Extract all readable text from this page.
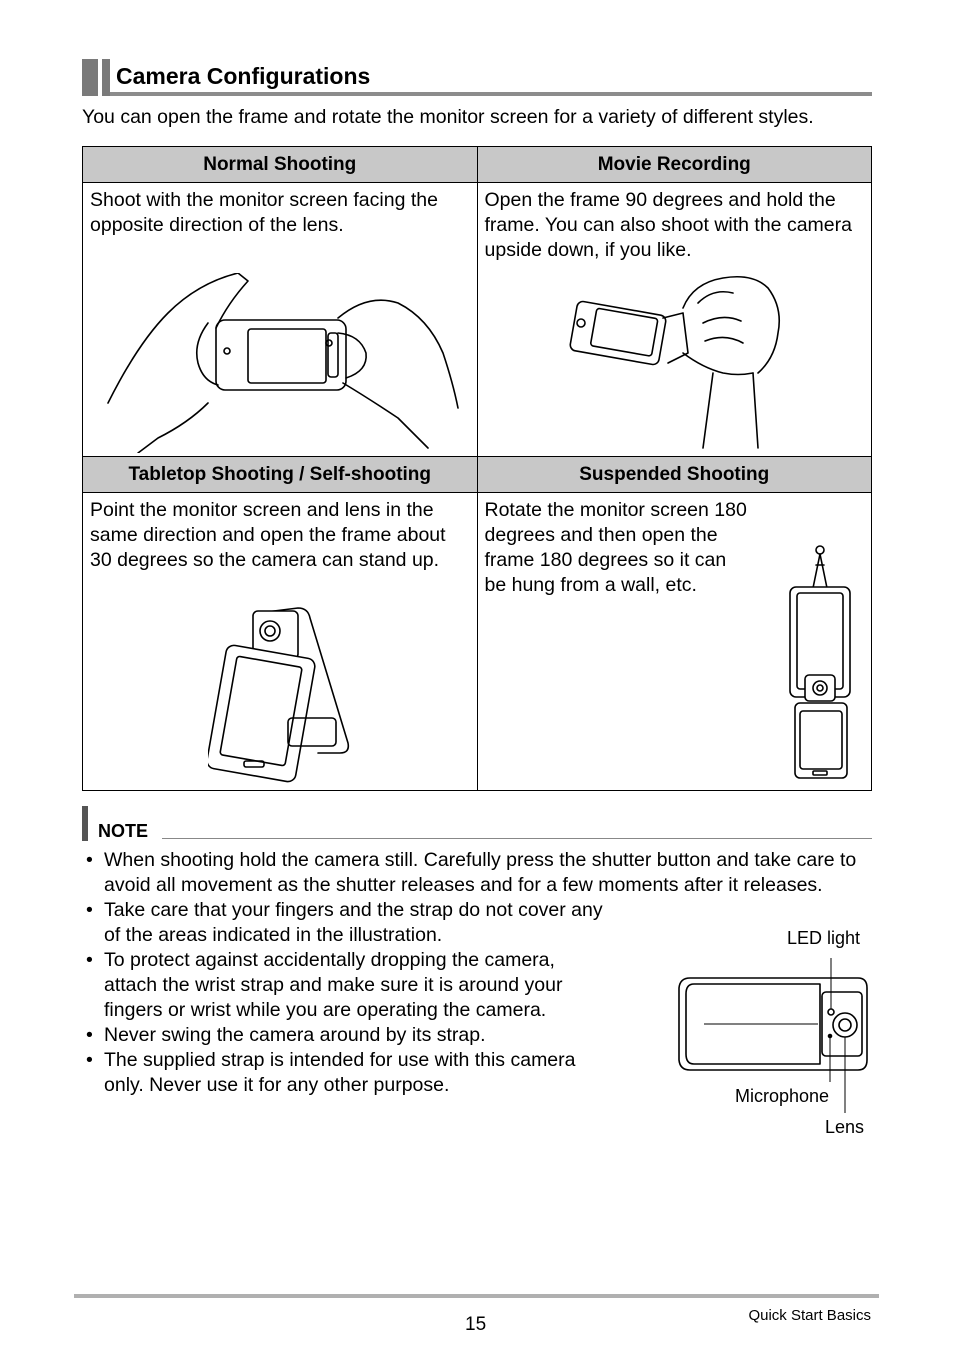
Camera Configurations
You can open the frame and rotate the monitor screen for a variety of different styles.
Normal Shooting	Movie Recording

Shoot with the monitor screen facing the opposite direction of the lens.	Open the frame 90 degrees and hold the frame. You can also shoot with the camera upside down, if you like.

Tabletop Shooting / Self-shooting	Suspended Shooting

Point the monitor screen and lens in the same direction and open the frame about 30 degrees so the camera can stand up.	Rotate the monitor screen 180 degrees and then open the frame 180 degrees so it can be hung from a wall, etc.
NOTE
• When shooting hold the camera still. Carefully press the shutter button and take care to avoid all movement as the shutter releases and for a few moments after it releases.
• Take care that your fingers and the strap do not cover any of the areas indicated in the illustration.
• To protect against accidentally dropping the camera, attach the wrist strap and make sure it is around your fingers or wrist while you are operating the camera.
• Never swing the camera around by its strap.
• The supplied strap is intended for use with this camera only. Never use it for any other purpose.
LED light
Microphone
Lens
15	Quick Start Basics
